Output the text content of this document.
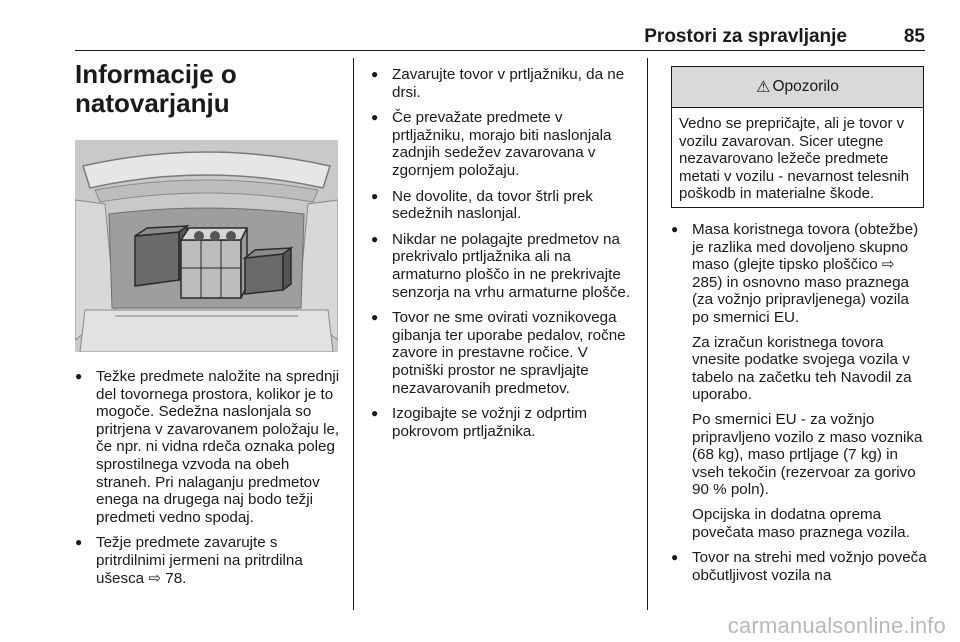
Prostori za spravljanje	85
Informacije o natovarjanju
● Težke predmete naložite na sprednji del tovornega prostora, kolikor je to mogoče. Sedežna naslonjala so pritrjena v zavarovanem položaju le, če npr. ni vidna rdeča oznaka poleg sprostilnega vzvoda na obeh straneh. Pri nalaganju predmetov enega na drugega naj bodo težji predmeti vedno spodaj.
● Težje predmete zavarujte s pritrdilnimi jermeni na pritrdilna ušesca ⇨ 78.
● Zavarujte tovor v prtljažniku, da ne drsi.
● Če prevažate predmete v prtljažniku, morajo biti naslonjala zadnjih sedežev zavarovana v zgornjem položaju.
● Ne dovolite, da tovor štrli prek sedežnih naslonjal.
● Nikdar ne polagajte predmetov na prekrivalo prtljažnika ali na armaturno ploščo in ne prekrivajte senzorja na vrhu armaturne plošče.
● Tovor ne sme ovirati voznikovega gibanja ter uporabe pedalov, ročne zavore in prestavne ročice. V potniški prostor ne spravljajte nezavarovanih predmetov.
● Izogibajte se vožnji z odprtim pokrovom prtljažnika.
⚠ Opozorilo
Vedno se prepričajte, ali je tovor v vozilu zavarovan. Sicer utegne nezavarovano ležeče predmete metati v vozilu - nevarnost telesnih poškodb in materialne škode.

● Masa koristnega tovora (obtežbe) je razlika med dovoljeno skupno maso (glejte tipsko ploščico ⇨ 285) in osnovno maso praznega (za vožnjo pripravljenega) vozila po smernici EU.

Za izračun koristnega tovora vnesite podatke svojega vozila v tabelo na začetku teh Navodil za uporabo.

Po smernici EU - za vožnjo pripravljeno vozilo z maso voznika (68 kg), maso prtljage (7 kg) in vseh tekočin (rezervoar za gorivo 90 % poln).

Opcijska in dodatna oprema povečata maso praznega vozila.

● Tovor na strehi med vožnjo poveča občutljivost vozila na
carmanualsonline.info
